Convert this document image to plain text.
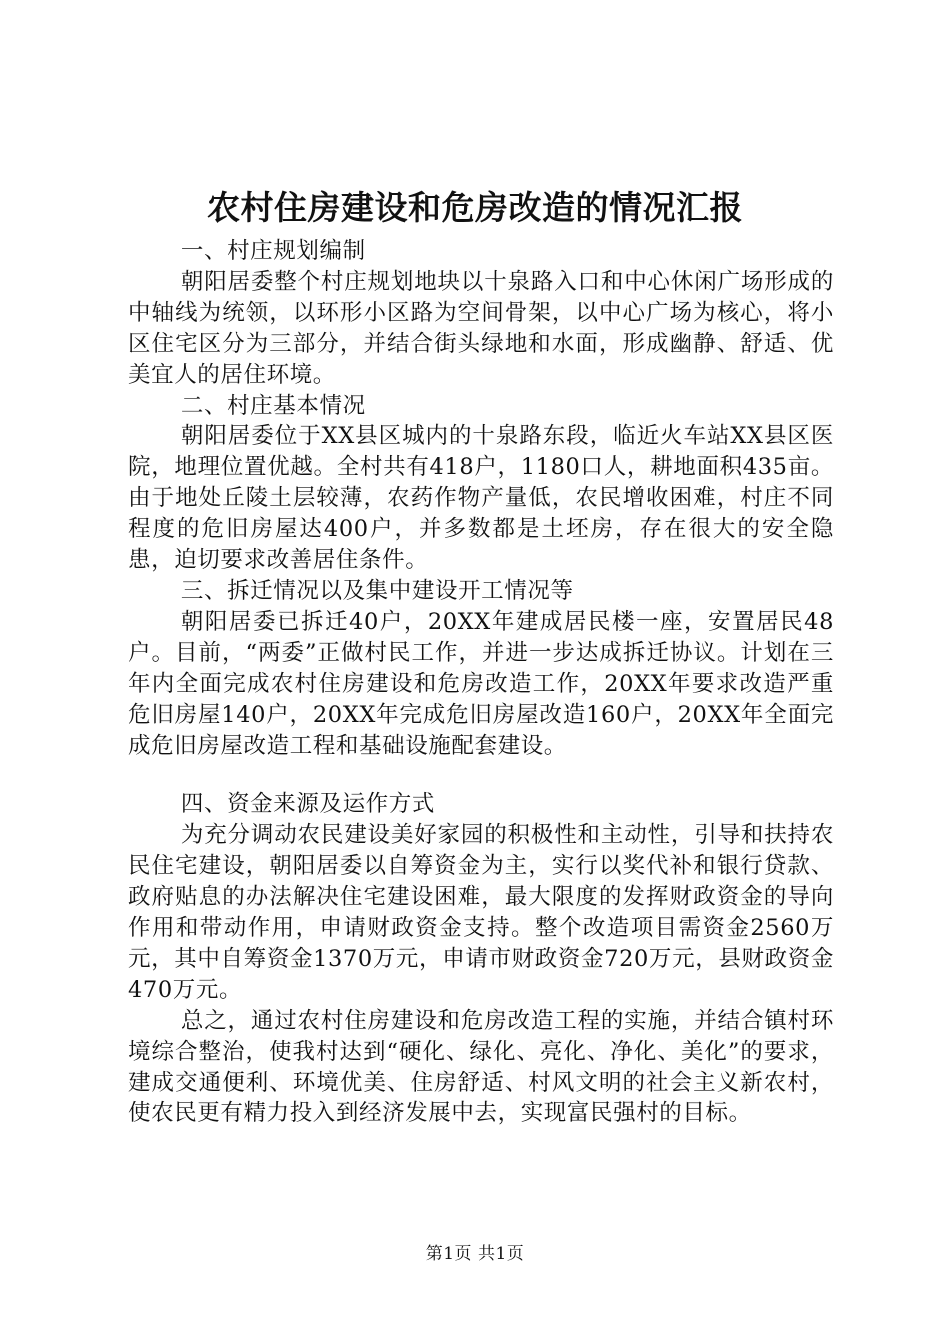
农村住房建设和危房改造的情况汇报

一、村庄规划编制

朝阳居委整个村庄规划地块以十泉路入口和中心休闲广场形成的中轴线为统领，以环形小区路为空间骨架，以中心广场为核心，将小区住宅区分为三部分，并结合街头绿地和水面，形成幽静、舒适、优美宜人的居住环境。

二、村庄基本情况

朝阳居委位于XX县区城内的十泉路东段，临近火车站XX县区医院，地理位置优越。全村共有418户，1180口人，耕地面积435亩。由于地处丘陵土层较薄，农药作物产量低，农民增收困难，村庄不同程度的危旧房屋达400户，并多数都是土坯房，存在很大的安全隐患，迫切要求改善居住条件。

三、拆迁情况以及集中建设开工情况等

朝阳居委已拆迁40户，20XX年建成居民楼一座，安置居民48户。目前，“两委”正做村民工作，并进一步达成拆迁协议。计划在三年内全面完成农村住房建设和危房改造工作，20XX年要求改造严重危旧房屋140户，20XX年完成危旧房屋改造160户，20XX年全面完成危旧房屋改造工程和基础设施配套建设。

四、资金来源及运作方式

为充分调动农民建设美好家园的积极性和主动性，引导和扶持农民住宅建设，朝阳居委以自筹资金为主，实行以奖代补和银行贷款、政府贴息的办法解决住宅建设困难，最大限度的发挥财政资金的导向作用和带动作用，申请财政资金支持。整个改造项目需资金2560万元，其中自筹资金1370万元，申请市财政资金720万元，县财政资金470万元。

总之，通过农村住房建设和危房改造工程的实施，并结合镇村环境综合整治，使我村达到“硬化、绿化、亮化、净化、美化”的要求，建成交通便利、环境优美、住房舒适、村风文明的社会主义新农村，使农民更有精力投入到经济发展中去，实现富民强村的目标。

第1页 共1页
